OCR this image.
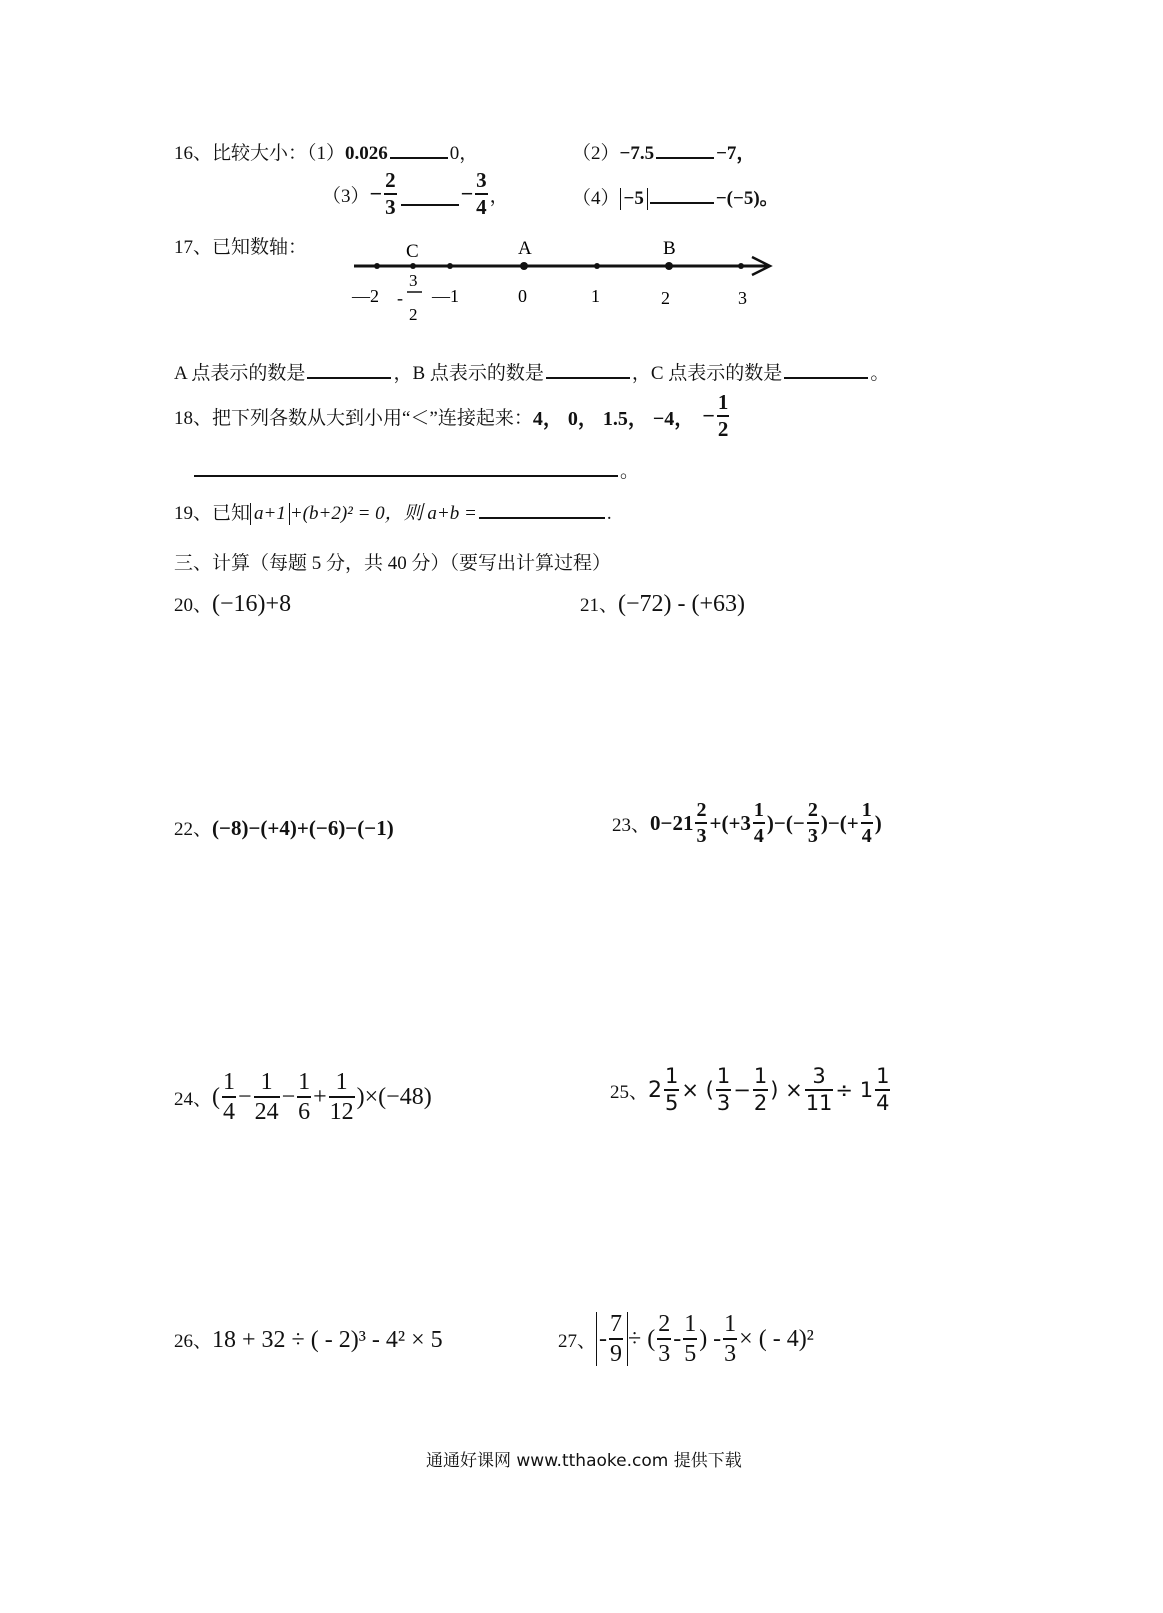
16、比较大小：（1）0.026	0，	（2）−7.5	−7，
$(3) - \frac{2}{3}$	− $\frac{3}{4}$ ，	（4） −5	−(−5)。
17、已知数轴：	C	A	B
—2 -
3
2
—1	0	1	2	3
A 点表示的数是	，B 点表示的数是	，C 点表示的数是	。
18、把下列各数从大到小用“＜”连接起来： 4， 0， 1.5， −4， − $\frac{1}{2}$
。
19、已知 a+1 +(b+2)² = 0，则 a+b =	.
三、计算（每题 5 分，共 40 分）（要写出计算过程）
20、(−16)+8	21、(−72) - (+63)
22、(−8)−(+4)+(−6)−(−1)	23、 $0-21 \frac{2}{3} +(+3 \frac{1}{4}$ )−(− $\frac{2}{3}$ )−(+ $\frac{1}{4}$ )
24、 ( $\frac{1}{4} - \frac{1}{24} - \frac{1}{6} + \frac{1}{12} )\times(-48)$	25、 $2 \frac{1}{5}$ × ( $\frac{1}{3} - \frac{1}{2}$ ) × $\frac{3}{11} \div 1 \frac{1}{4}$
26、18 + 32 ÷ ( - 2)³ - 4² × 5	27、 - $\frac{7}{9}$ ÷ ( $\frac{2}{3} - \frac{1}{5}$ ) - $\frac{1}{3}$ × ( - 4)²
通通好课网 www.tthaoke.com 提供下载
